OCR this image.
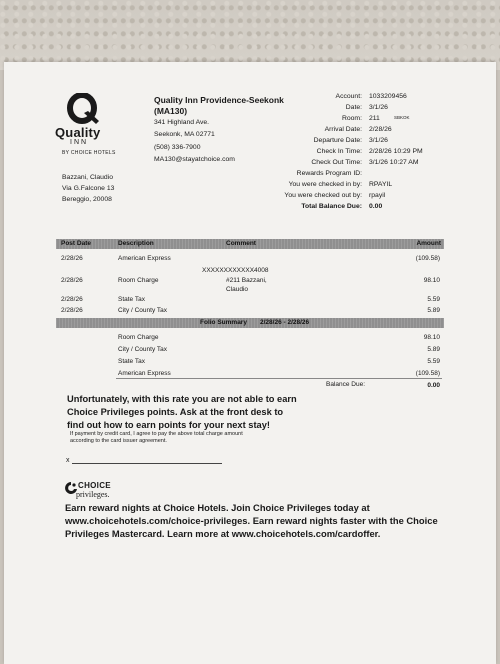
Quality
INN
BY CHOICE HOTELS
Quality Inn Providence-Seekonk
(MA130)
341 Highland Ave.
Seekonk, MA 02771
(508) 336-7900
MA130@stayatchoice.com
Bazzani, Claudio
Via G.Falcone 13
Bereggio, 20008
Account: 1033209456
Date: 3/1/26
Room: 211	SBKOK
Arrival Date: 2/28/26
Departure Date: 3/1/26
Check In Time: 2/28/26 10:29 PM
Check Out Time: 3/1/26 10:27 AM
Rewards Program ID:
You were checked in by: RPAYIL
You were checked out by: rpayil
Total Balance Due: 0.00
Post Date	Description	Comment	Amount
2/28/26	American Express	(109.58)
XXXXXXXXXXXX4008
2/28/26	Room Charge	#211 Bazzani,	98.10
Claudio
2/28/26	State Tax	5.59
2/28/26	City / County Tax	5.89
Folio Summary 2/28/26 - 2/28/26
Room Charge	98.10
City / County Tax	5.89
State Tax	5.59
American Express	(109.58)
Balance Due:	0.00
Unfortunately, with this rate you are not able to earn
Choice Privileges points. Ask at the front desk to
find out how to earn points for your next stay!
If payment by credit card, I agree to pay the above total charge amount
according to the card issuer agreement.
x
CHOICE
privileges.
Earn reward nights at Choice Hotels. Join Choice Privileges today at
www.choicehotels.com/choice-privileges. Earn reward nights faster with the Choice
Privileges Mastercard. Learn more at www.choicehotels.com/cardoffer.
